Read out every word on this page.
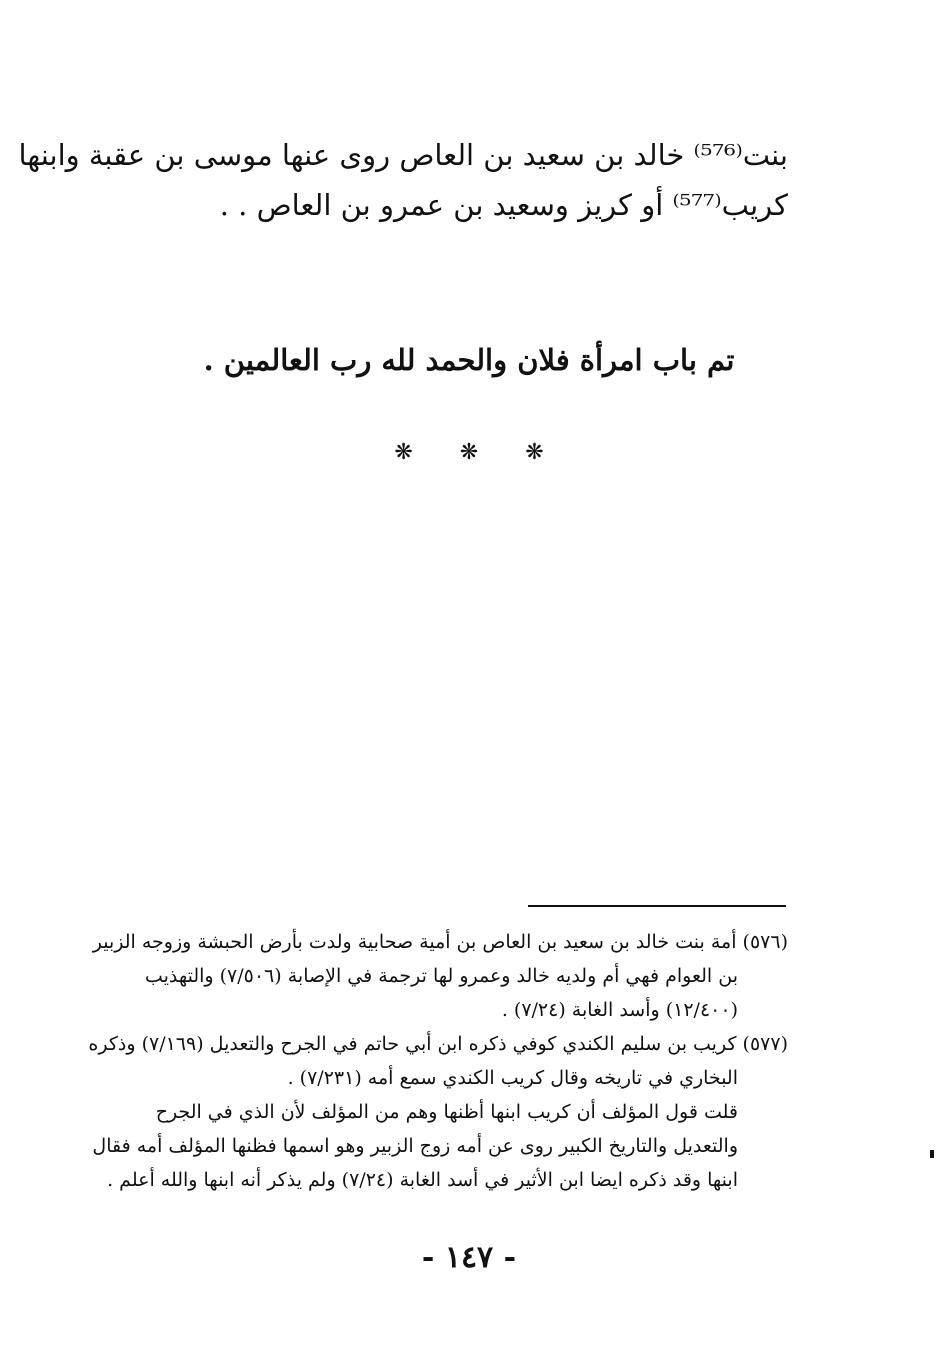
بنت⁽⁵⁷⁶⁾ خالد بن سعيد بن العاص روى عنها موسى بن عقبة وابنها
كريب⁽⁵⁷⁷⁾ أو كريز وسعيد بن عمرو بن العاص . .
تم باب امرأة فلان والحمد لله رب العالمين .
❋ ❋ ❋
(٥٧٦) أمة بنت خالد بن سعيد بن العاص بن أمية صحابية ولدت بأرض الحبشة وزوجه الزبير
بن العوام فهي أم ولديه خالد وعمرو لها ترجمة في الإصابة (٧/٥٠٦) والتهذيب
(١٢/٤٠٠) وأسد الغابة (٧/٢٤) .
(٥٧٧) كريب بن سليم الكندي كوفي ذكره ابن أبي حاتم في الجرح والتعديل (٧/١٦٩) وذكره
البخاري في تاريخه وقال كريب الكندي سمع أمه (٧/٢٣١) .
قلت قول المؤلف أن كريب ابنها أظنها وهم من المؤلف لأن الذي في الجرح
والتعديل والتاريخ الكبير روى عن أمه زوج الزبير وهو اسمها فظنها المؤلف أمه فقال
ابنها وقد ذكره ايضا ابن الأثير في أسد الغابة (٧/٢٤) ولم يذكر أنه ابنها والله أعلم .
- ١٤٧ -
